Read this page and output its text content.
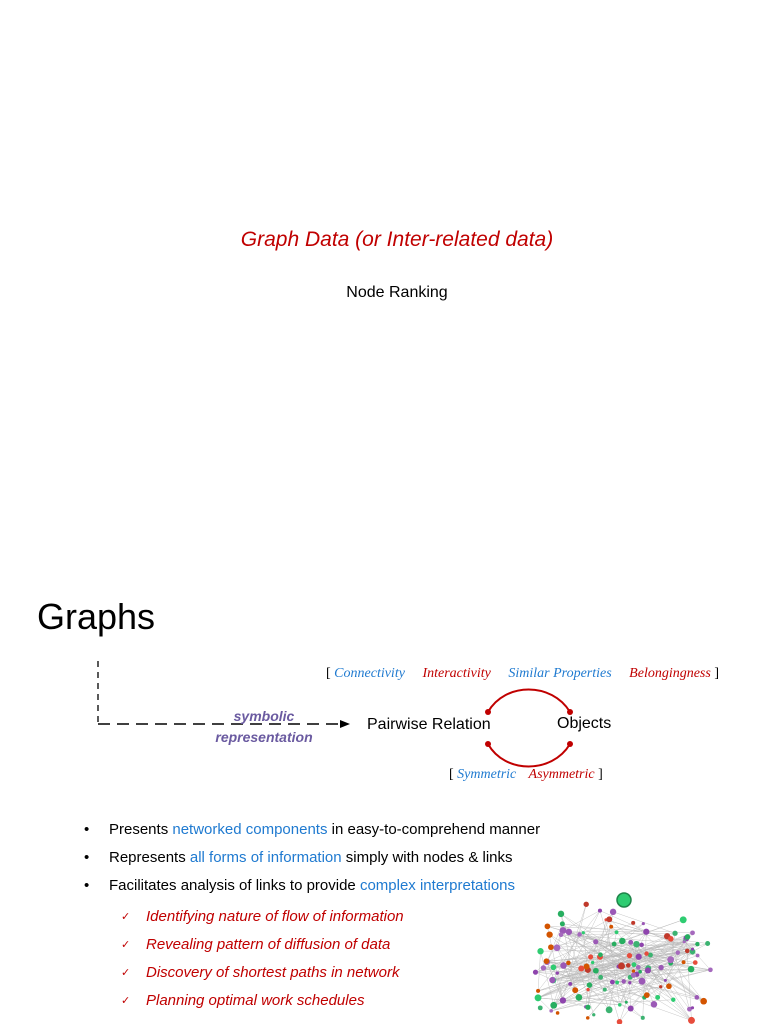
Graph Data (or Inter-related data)
Node Ranking
Graphs
[ Connectivity Interactivity Similar Properties Belongingness ]
symbolic
representation
Pairwise Relation	Objects
[ Symmetric Asymmetric ]
• Presents networked components in easy-to-comprehend manner
• Represents all forms of information simply with nodes & links
• Facilitates analysis of links to provide complex interpretations
✓ Identifying nature of flow of information
✓ Revealing pattern of diffusion of data
✓ Discovery of shortest paths in network
✓ Planning optimal work schedules
